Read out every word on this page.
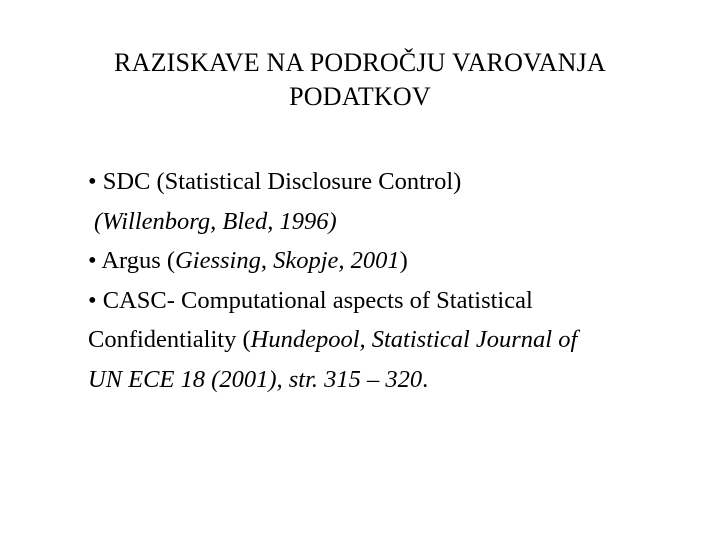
RAZISKAVE NA PODROČJU VAROVANJA
PODATKOV
• SDC (Statistical Disclosure Control)
(Willenborg, Bled, 1996)
• Argus (Giessing, Skopje, 2001)
• CASC- Computational aspects of Statistical
Confidentiality (Hundepool, Statistical Journal of
UN ECE 18 (2001), str. 315 – 320.
